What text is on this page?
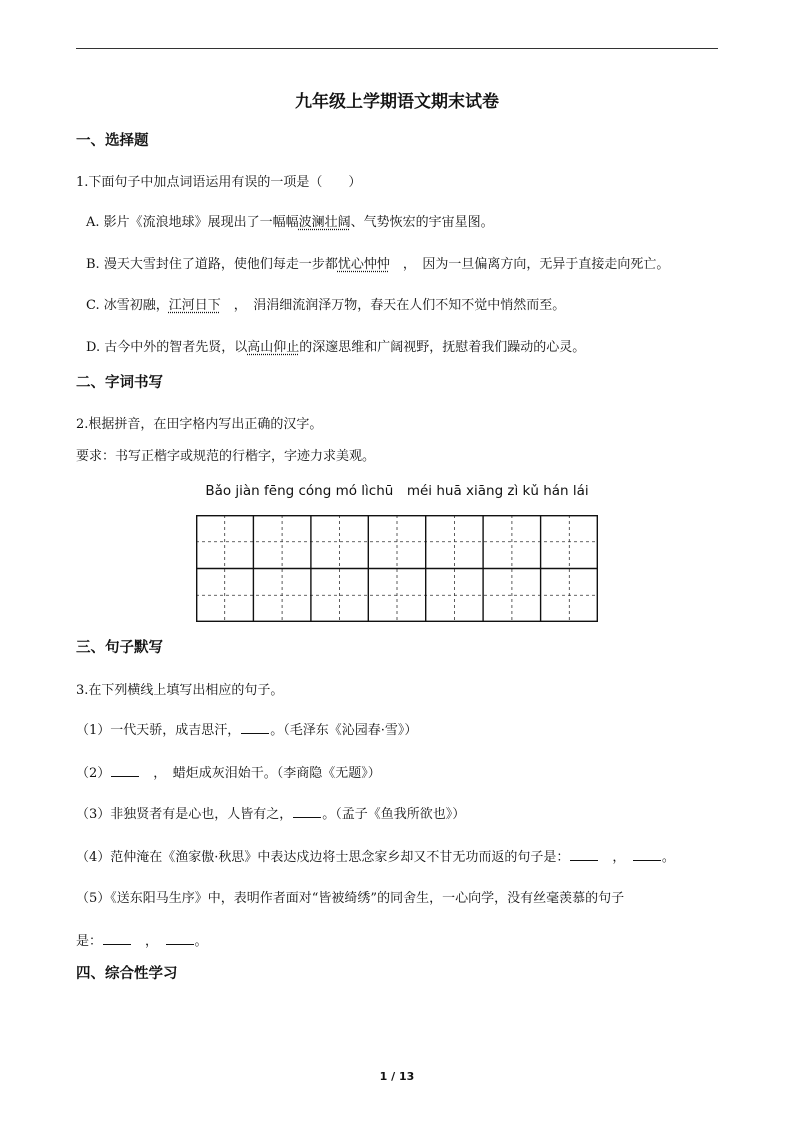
九年级上学期语文期末试卷
一、选择题
1.下面句子中加点词语运用有误的一项是（　　）
A. 影片《流浪地球》展现出了一幅幅波澜壮阔、气势恢宏的宇宙星图。
B. 漫天大雪封住了道路，使他们每走一步都忧心忡忡　，　因为一旦偏离方向，无异于直接走向死亡。
C. 冰雪初融，江河日下　，　涓涓细流润泽万物，春天在人们不知不觉中悄然而至。
D. 古今中外的智者先贤，以高山仰止的深邃思维和广阔视野，抚慰着我们躁动的心灵。
二、字词书写
2.根据拼音，在田字格内写出正确的汉字。
要求：书写正楷字或规范的行楷字，字迹力求美观。
Bǎo jiàn fēng cóng mó lìchū　méi huā xiāng zì kǔ hán lái
三、句子默写
3.在下列横线上填写出相应的句子。
（1）一代天骄，成吉思汗， 。（毛泽东《沁园春·雪》）
（2）　，　蜡炬成灰泪始干。（李商隐《无题》）
（3）非独贤者有是心也，人皆有之， 。（孟子《鱼我所欲也》）
（4）范仲淹在《渔家傲·秋思》中表达戍边将士思念家乡却又不甘无功而返的句子是：　，　。
（5）《送东阳马生序》中，表明作者面对“皆被绮绣”的同舍生，一心向学，没有丝毫羡慕的句子
是：　，　。
四、综合性学习
1 / 13
